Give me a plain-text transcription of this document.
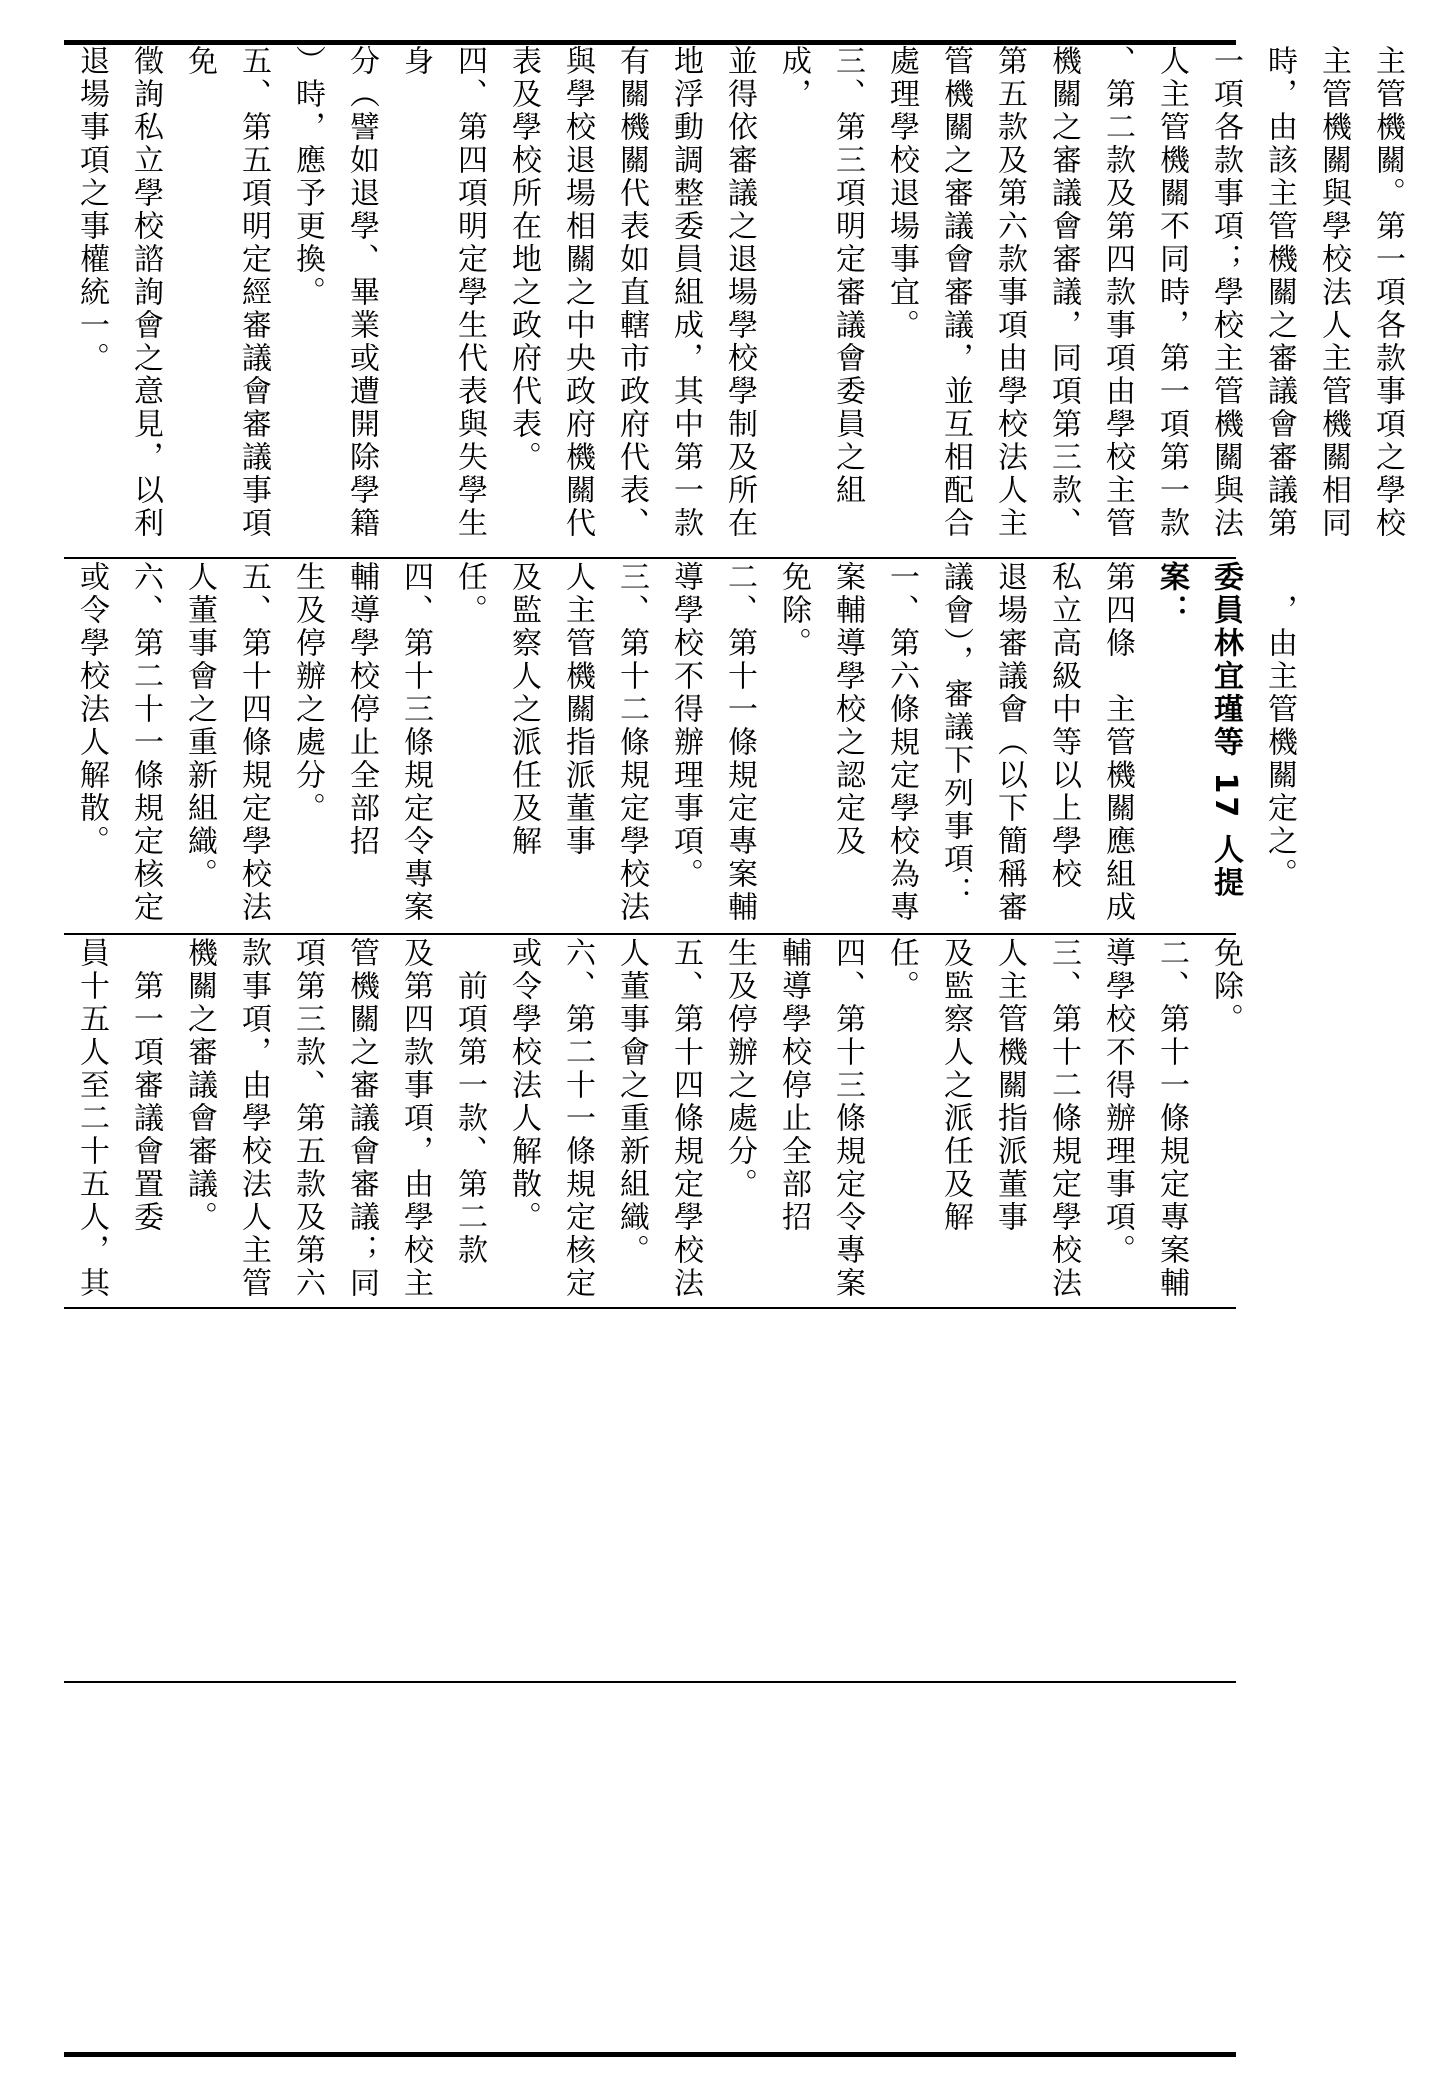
主管機關。第一項各款事項之學校
主管機關與學校法人主管機關相同
時，由該主管機關之審議會審議第
一項各款事項；學校主管機關與法
人主管機關不同時，第一項第一款
、第二款及第四款事項由學校主管
機關之審議會審議，同項第三款、
第五款及第六款事項由學校法人主
管機關之審議會審議，並互相配合
處理學校退場事宜。
三、第三項明定審議會委員之組成，
並得依審議之退場學校學制及所在
地浮動調整委員組成，其中第一款
有關機關代表如直轄市政府代表、
與學校退場相關之中央政府機關代
表及學校所在地之政府代表。
四、第四項明定學生代表與失學生身
分（譬如退學、畢業或遭開除學籍
）時，應予更換。
五、第五項明定經審議會審議事項免
徵詢私立學校諮詢會之意見，以利
退場事項之事權統一。
　，由主管機關定之。
委員林宜瑾等 17 人提案：
第四條　主管機關應組成
私立高級中等以上學校
退場審議會（以下簡稱審
議會），審議下列事項：
一、第六條規定學校為專
案輔導學校之認定及
免除。
二、第十一條規定專案輔
導學校不得辦理事項。
三、第十二條規定學校法
人主管機關指派董事
及監察人之派任及解
任。
四、第十三條規定令專案
輔導學校停止全部招
生及停辦之處分。
五、第十四條規定學校法
人董事會之重新組織。
六、第二十一條規定核定
或令學校法人解散。
免除。
二、第十一條規定專案輔
導學校不得辦理事項。
三、第十二條規定學校法
人主管機關指派董事
及監察人之派任及解
任。
四、第十三條規定令專案
輔導學校停止全部招
生及停辦之處分。
五、第十四條規定學校法
人董事會之重新組織。
六、第二十一條規定核定
或令學校法人解散。
　前項第一款、第二款
及第四款事項，由學校主
管機關之審議會審議；同
項第三款、第五款及第六
款事項，由學校法人主管
機關之審議會審議。
　第一項審議會置委
員十五人至二十五人，其
